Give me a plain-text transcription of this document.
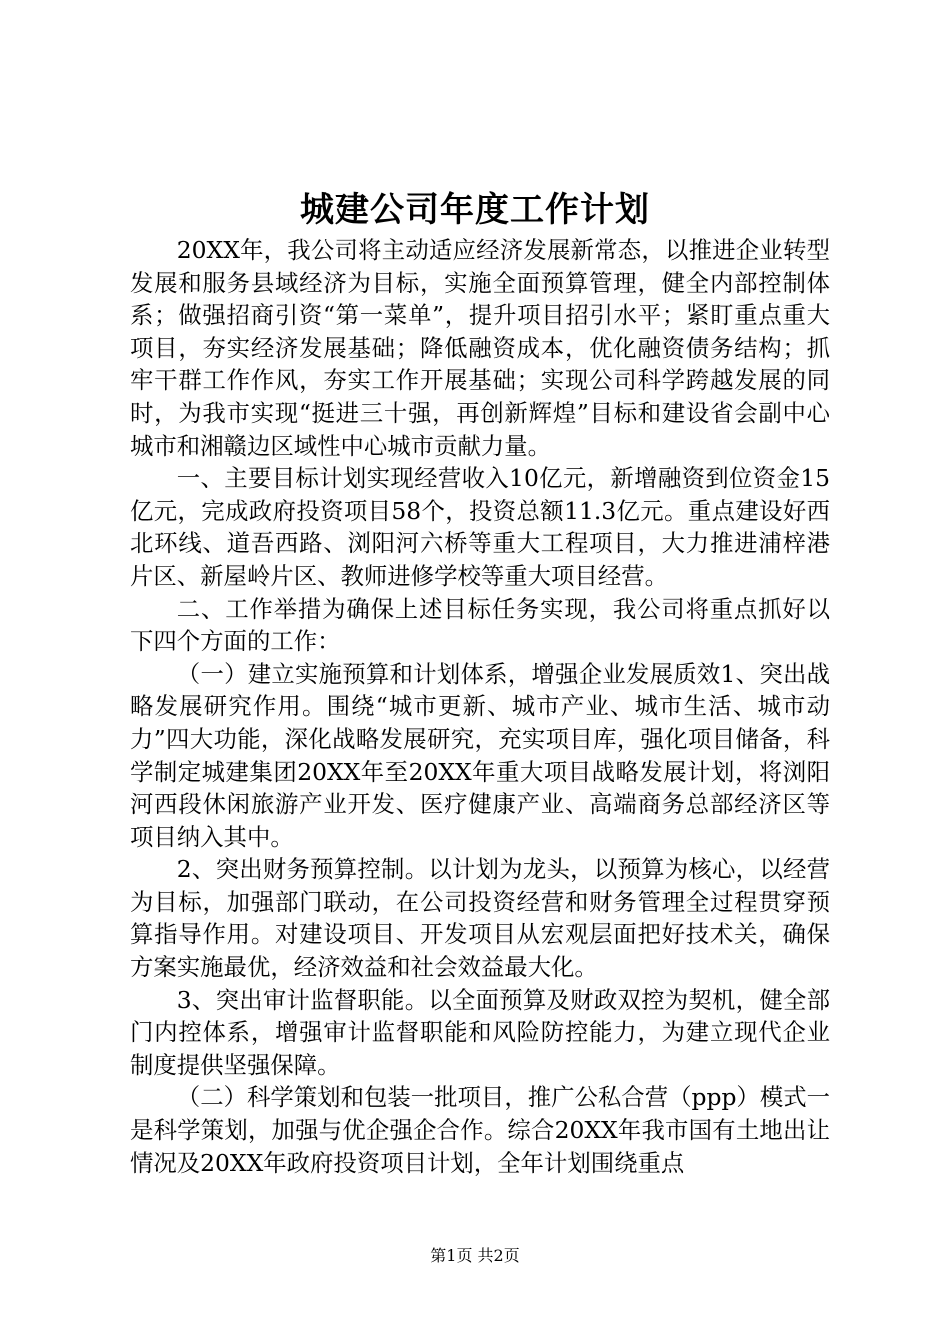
城建公司年度工作计划

20XX年，我公司将主动适应经济发展新常态，以推进企业转型发展和服务县域经济为目标，实施全面预算管理，健全内部控制体系；做强招商引资“第一菜单”，提升项目招引水平；紧盯重点重大项目，夯实经济发展基础；降低融资成本，优化融资债务结构；抓牢干群工作作风，夯实工作开展基础；实现公司科学跨越发展的同时，为我市实现“挺进三十强，再创新辉煌”目标和建设省会副中心城市和湘赣边区域性中心城市贡献力量。

一、主要目标计划实现经营收入10亿元，新增融资到位资金15亿元，完成政府投资项目58个，投资总额11.3亿元。重点建设好西北环线、道吾西路、浏阳河六桥等重大工程项目，大力推进浦梓港片区、新屋岭片区、教师进修学校等重大项目经营。

二、工作举措为确保上述目标任务实现，我公司将重点抓好以下四个方面的工作：

（一）建立实施预算和计划体系，增强企业发展质效1、突出战略发展研究作用。围绕“城市更新、城市产业、城市生活、城市动力”四大功能，深化战略发展研究，充实项目库，强化项目储备，科学制定城建集团20XX年至20XX年重大项目战略发展计划，将浏阳河西段休闲旅游产业开发、医疗健康产业、高端商务总部经济区等项目纳入其中。

2、突出财务预算控制。以计划为龙头，以预算为核心，以经营为目标，加强部门联动，在公司投资经营和财务管理全过程贯穿预算指导作用。对建设项目、开发项目从宏观层面把好技术关，确保方案实施最优，经济效益和社会效益最大化。

3、突出审计监督职能。以全面预算及财政双控为契机，健全部门内控体系，增强审计监督职能和风险防控能力，为建立现代企业制度提供坚强保障。

（二）科学策划和包装一批项目，推广公私合营（ppp）模式一是科学策划，加强与优企强企合作。综合20XX年我市国有土地出让情况及20XX年政府投资项目计划，全年计划围绕重点

第1页 共2页
